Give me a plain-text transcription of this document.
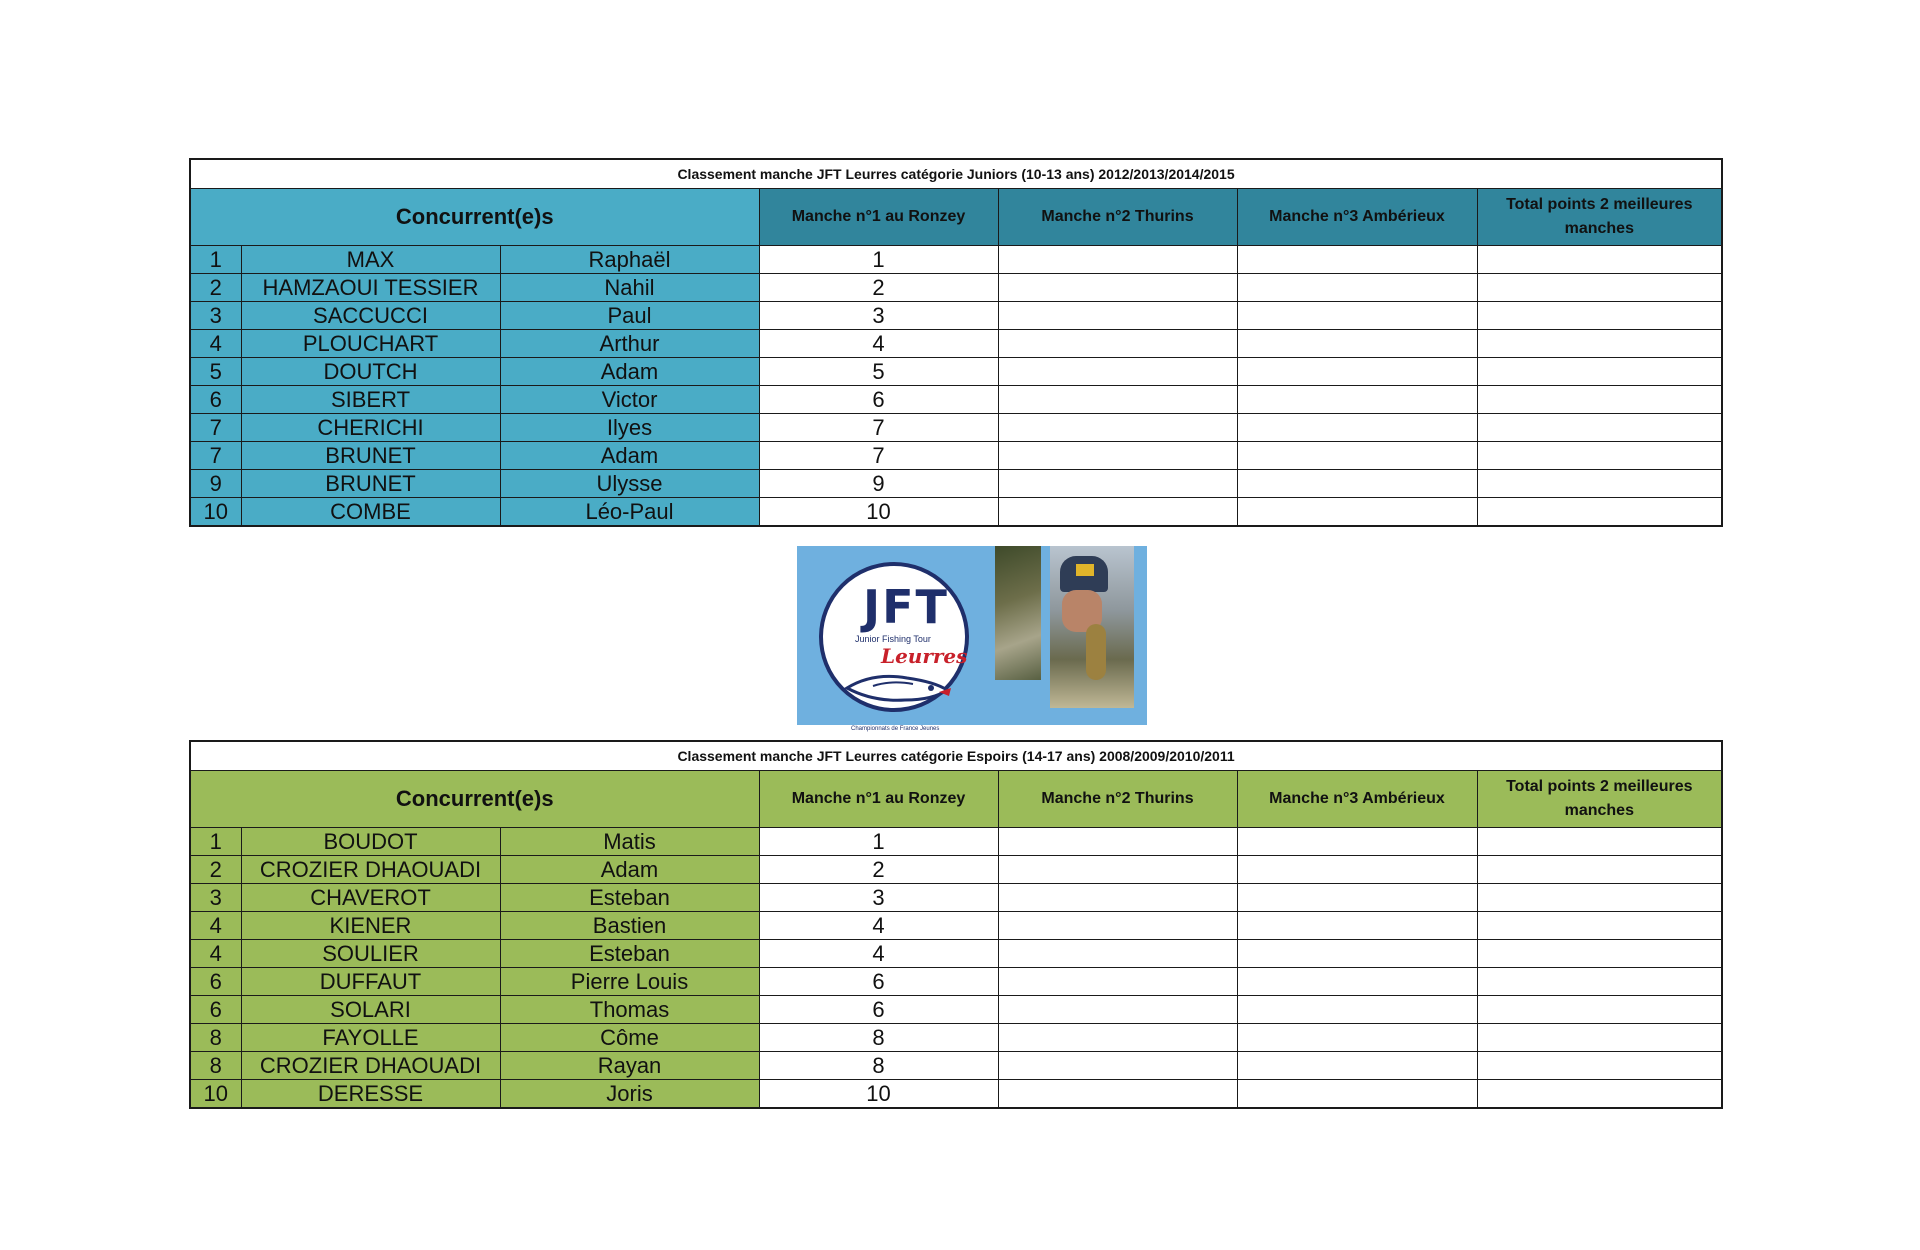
Classement manche JFT Leurres catégorie Juniors (10-13 ans) 2012/2013/2014/2015						
Concurrent(e)s			Manche n°1 au Ronzey	Manche n°2 Thurins	Manche n°3 Ambérieux	Total points 2 meilleures manches
1	MAX	Raphaël	1			
2	HAMZAOUI TESSIER	Nahil	2			
3	SACCUCCI	Paul	3			
4	PLOUCHART	Arthur	4			
5	DOUTCH	Adam	5			
6	SIBERT	Victor	6			
7	CHERICHI	Ilyes	7			
7	BRUNET	Adam	7			
9	BRUNET	Ulysse	9			
10	COMBE	Léo-Paul	10			
JFT
Junior Fishing Tour
Leurres
Championnats de France Jeunes
Classement manche JFT Leurres catégorie Espoirs (14-17 ans) 2008/2009/2010/2011						
Concurrent(e)s			Manche n°1 au Ronzey	Manche n°2 Thurins	Manche n°3 Ambérieux	Total points 2 meilleures manches
1	BOUDOT	Matis	1			
2	CROZIER DHAOUADI	Adam	2			
3	CHAVEROT	Esteban	3			
4	KIENER	Bastien	4			
4	SOULIER	Esteban	4			
6	DUFFAUT	Pierre Louis	6			
6	SOLARI	Thomas	6			
8	FAYOLLE	Côme	8			
8	CROZIER DHAOUADI	Rayan	8			
10	DERESSE	Joris	10			
